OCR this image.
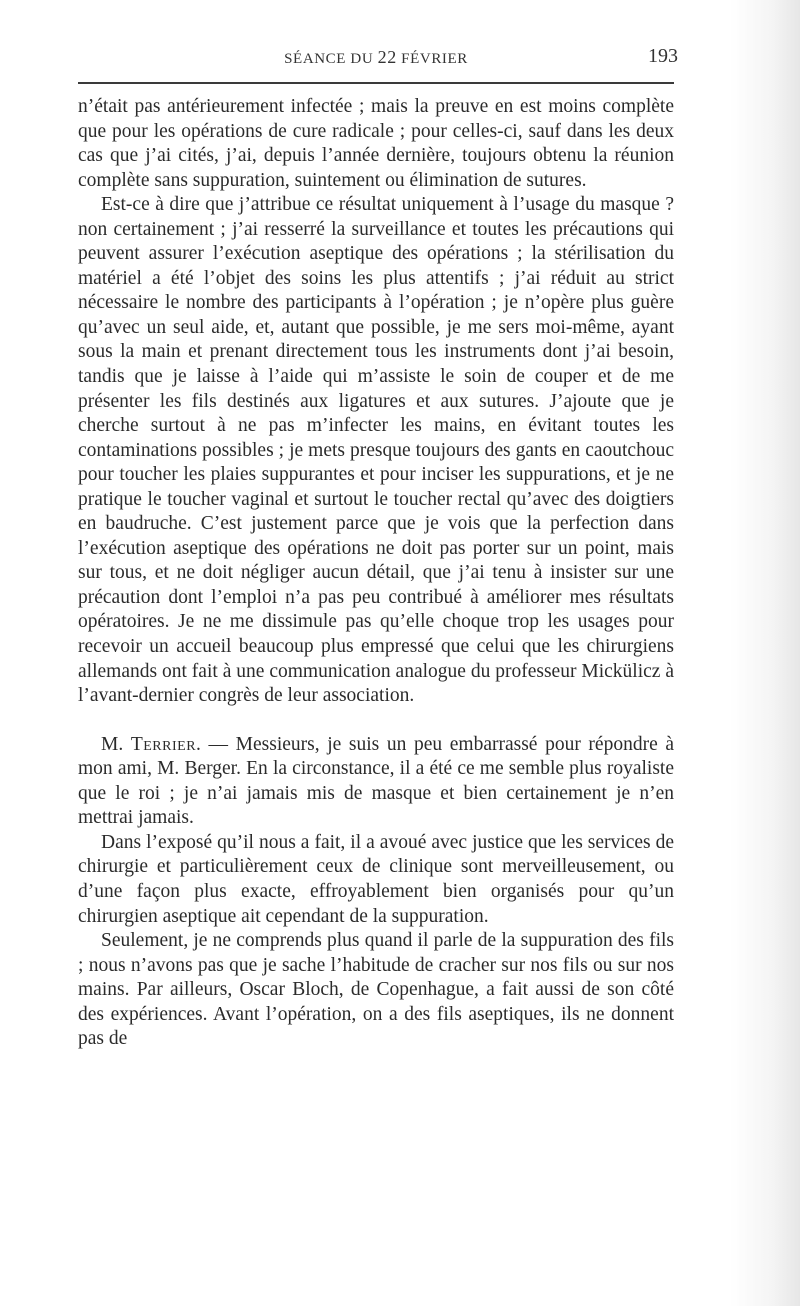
SÉANCE DU 22 FÉVRIER	193

n’était pas antérieurement infectée ; mais la preuve en est moins complète que pour les opérations de cure radicale ; pour celles-ci, sauf dans les deux cas que j’ai cités, j’ai, depuis l’année dernière, toujours obtenu la réunion complète sans suppuration, suintement ou élimination de sutures.

Est-ce à dire que j’attribue ce résultat uniquement à l’usage du masque ? non certainement ; j’ai resserré la surveillance et toutes les précautions qui peuvent assurer l’exécution aseptique des opérations ; la stérilisation du matériel a été l’objet des soins les plus attentifs ; j’ai réduit au strict nécessaire le nombre des participants à l’opération ; je n’opère plus guère qu’avec un seul aide, et, autant que possible, je me sers moi-même, ayant sous la main et prenant directement tous les instruments dont j’ai besoin, tandis que je laisse à l’aide qui m’assiste le soin de couper et de me présenter les fils destinés aux ligatures et aux sutures. J’ajoute que je cherche surtout à ne pas m’infecter les mains, en évitant toutes les contaminations possibles ; je mets presque toujours des gants en caoutchouc pour toucher les plaies suppurantes et pour inciser les suppurations, et je ne pratique le toucher vaginal et surtout le toucher rectal qu’avec des doigtiers en baudruche. C’est justement parce que je vois que la perfection dans l’exécution aseptique des opérations ne doit pas porter sur un point, mais sur tous, et ne doit négliger aucun détail, que j’ai tenu à insister sur une précaution dont l’emploi n’a pas peu contribué à améliorer mes résultats opératoires. Je ne me dissimule pas qu’elle choque trop les usages pour recevoir un accueil beaucoup plus empressé que celui que les chirurgiens allemands ont fait à une communication analogue du professeur Mickülicz à l’avant-dernier congrès de leur association.

M. Terrier. — Messieurs, je suis un peu embarrassé pour répondre à mon ami, M. Berger. En la circonstance, il a été ce me semble plus royaliste que le roi ; je n’ai jamais mis de masque et bien certainement je n’en mettrai jamais.

Dans l’exposé qu’il nous a fait, il a avoué avec justice que les services de chirurgie et particulièrement ceux de clinique sont merveilleusement, ou d’une façon plus exacte, effroyablement bien organisés pour qu’un chirurgien aseptique ait cependant de la suppuration.

Seulement, je ne comprends plus quand il parle de la suppuration des fils ; nous n’avons pas que je sache l’habitude de cracher sur nos fils ou sur nos mains. Par ailleurs, Oscar Bloch, de Copenhague, a fait aussi de son côté des expériences. Avant l’opération, on a des fils aseptiques, ils ne donnent pas de
